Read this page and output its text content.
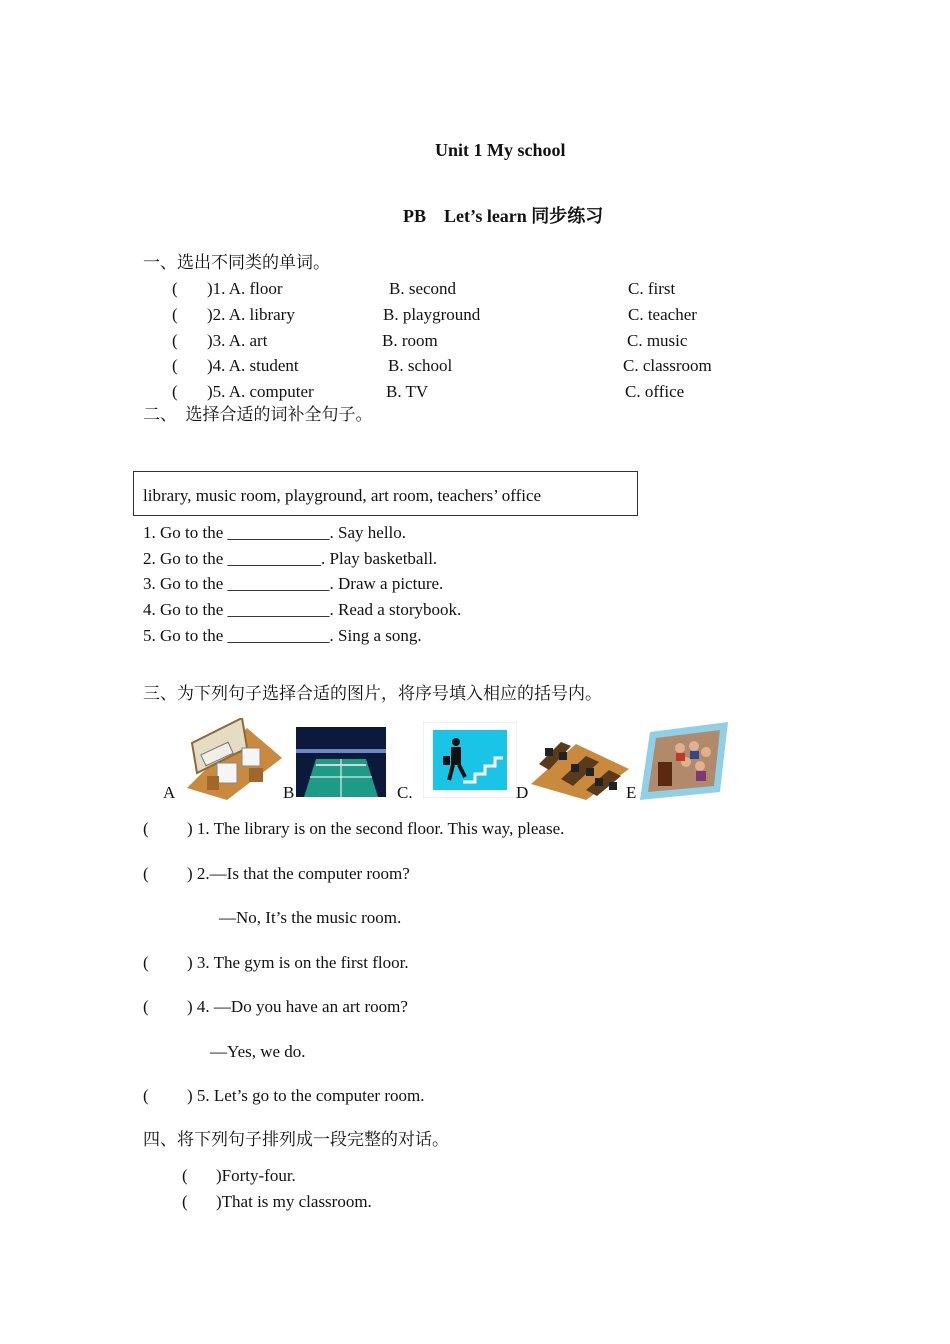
Unit 1 My school
PB    Let’s learn 同步练习
一、选出不同类的单词。
( )1. A. floor	B. second	C. first
( )2. A. library	B. playground	C. teacher
( )3. A. art	B. room	C. music
( )4. A. student	B. school	C. classroom
( )5. A. computer	B. TV	C. office
二、  选择合适的词补全句子。
library, music room, playground, art room, teachers’ office
1. Go to the ____________. Say hello.
2. Go to the ___________. Play basketball.
3. Go to the ____________. Draw a picture.
4. Go to the ____________. Read a storybook.
5. Go to the ____________. Sing a song.
三、为下列句子选择合适的图片，将序号填入相应的括号内。
A	B	C.	D	E
( ) 1. The library is on the second floor. This way, please.
( ) 2.—Is that the computer room?
—No, It’s the music room.
( ) 3. The gym is on the first floor.
( ) 4. —Do you have an art room?
—Yes, we do.
( ) 5. Let’s go to the computer room.
四、将下列句子排列成一段完整的对话。
( )Forty-four.
( )That is my classroom.
